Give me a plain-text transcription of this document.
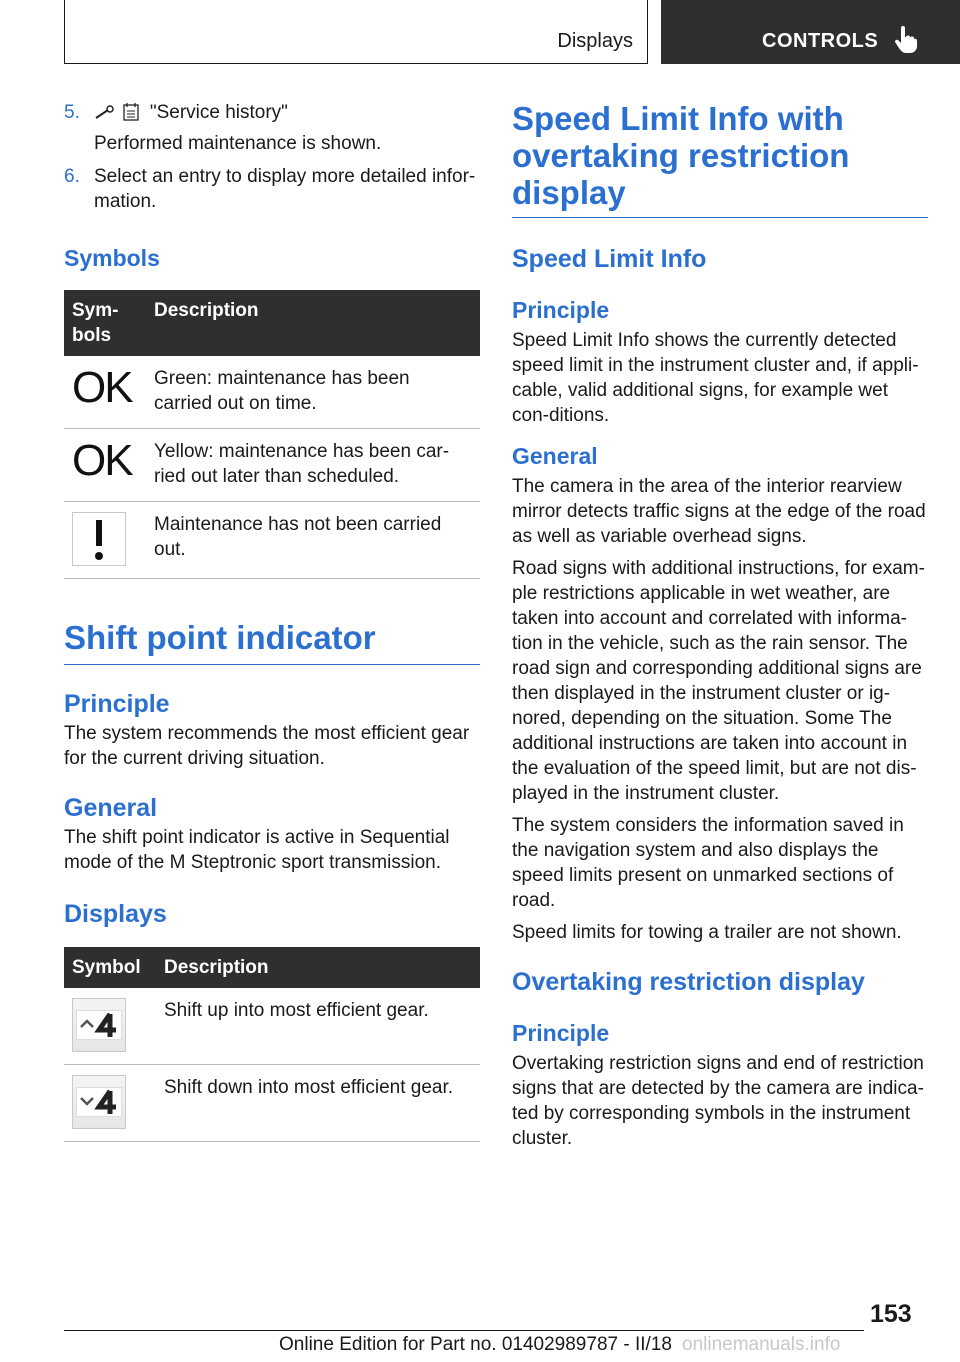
Displays	CONTROLS
5.	"Service history"
Performed maintenance is shown.
6. Select an entry to display more detailed infor-mation.
Symbols
Sym-bols	Description
OK	Green: maintenance has been carried out on time.
OK	Yellow: maintenance has been car-ried out later than scheduled.

	Maintenance has not been carried out.
Shift point indicator
Principle

The system recommends the most efficient gear for the current driving situation.

General

The shift point indicator is active in Sequential mode of the M Steptronic sport transmission.

Displays
Symbol	Description

	Shift up into most efficient gear.

	Shift down into most efficient gear.
Speed Limit Info with overtaking restriction display
Speed Limit Info
Principle

Speed Limit Info shows the currently detected speed limit in the instrument cluster and, if appli-cable, valid additional signs, for example wet con-ditions.

General

The camera in the area of the interior rearview mirror detects traffic signs at the edge of the road as well as variable overhead signs.

Road signs with additional instructions, for exam-ple restrictions applicable in wet weather, are taken into account and correlated with informa-tion in the vehicle, such as the rain sensor. The road sign and corresponding additional signs are then displayed in the instrument cluster or ig-nored, depending on the situation. Some The additional instructions are taken into account in the evaluation of the speed limit, but are not dis-played in the instrument cluster.

The system considers the information saved in the navigation system and also displays the speed limits present on unmarked sections of road.

Speed limits for towing a trailer are not shown.

Overtaking restriction display
Principle

Overtaking restriction signs and end of restriction signs that are detected by the camera are indica-ted by corresponding symbols in the instrument cluster.

153
Online Edition for Part no. 01402989787 - II/18 onlinemanuals.info
